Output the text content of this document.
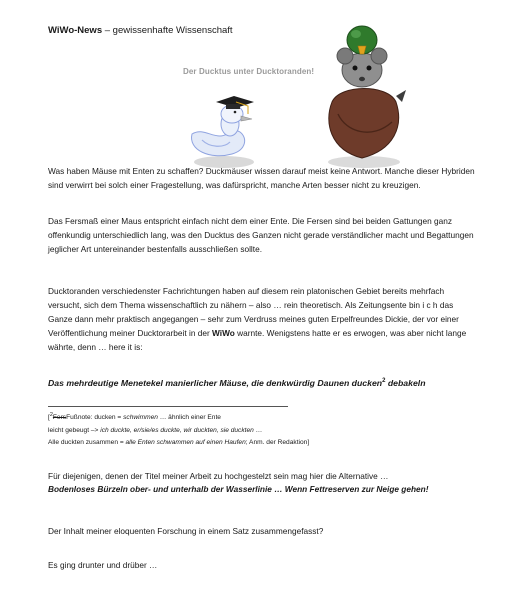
WiWo-News – gewissenhafte Wissenschaft
Der Ducktus unter Ducktoranden!
Was haben Mäuse mit Enten zu schaffen? Duckmäuser wissen darauf meist keine Antwort. Manche dieser Hybriden sind verwirrt bei solch einer Fragestellung, was dafürspricht, manche Arten besser nicht zu kreuzigen.
Das Fersmaß einer Maus entspricht einfach nicht dem einer Ente. Die Fersen sind bei beiden Gattungen ganz offenkundig unterschiedlich lang, was den Ducktus des Ganzen nicht gerade verständlicher macht und Begattungen jeglicher Art untereinander bestenfalls ausschließen sollte.
Ducktoranden verschiedenster Fachrichtungen haben auf diesem rein platonischen Gebiet bereits mehrfach versucht, sich dem Thema wissenschaftlich zu nähern – also … rein theoretisch. Als Zeitungsente bin i c h das Ganze dann mehr praktisch angegangen – sehr zum Verdruss meines guten Erpelfreundes Dickie, der vor einer Veröffentlichung meiner Ducktorarbeit in der WiWo warnte. Wenigstens hatte er es erwogen, was aber nicht lange währte, denn … here it is:
Das mehrdeutige Menetekel manierlicher Mäuse, die denkwürdig Daunen ducken$^2$ debakeln
[$^2$FersFußnote: ducken = schwimmen … ähnlich einer Ente
leicht gebeugt –> ich duckte, er/sie/es duckte, wir duckten, sie duckten …
Alle duckten zusammen = alle Enten schwammen auf einen Haufen; Anm. der Redaktion]
Für diejenigen, denen der Titel meiner Arbeit zu hochgestelzt sein mag hier die Alternative …
Bodenloses Bürzeln ober- und unterhalb der Wasserlinie … Wenn Fettreserven zur Neige gehen!
Der Inhalt meiner eloquenten Forschung in einem Satz zusammengefasst?
Es ging drunter und drüber …
